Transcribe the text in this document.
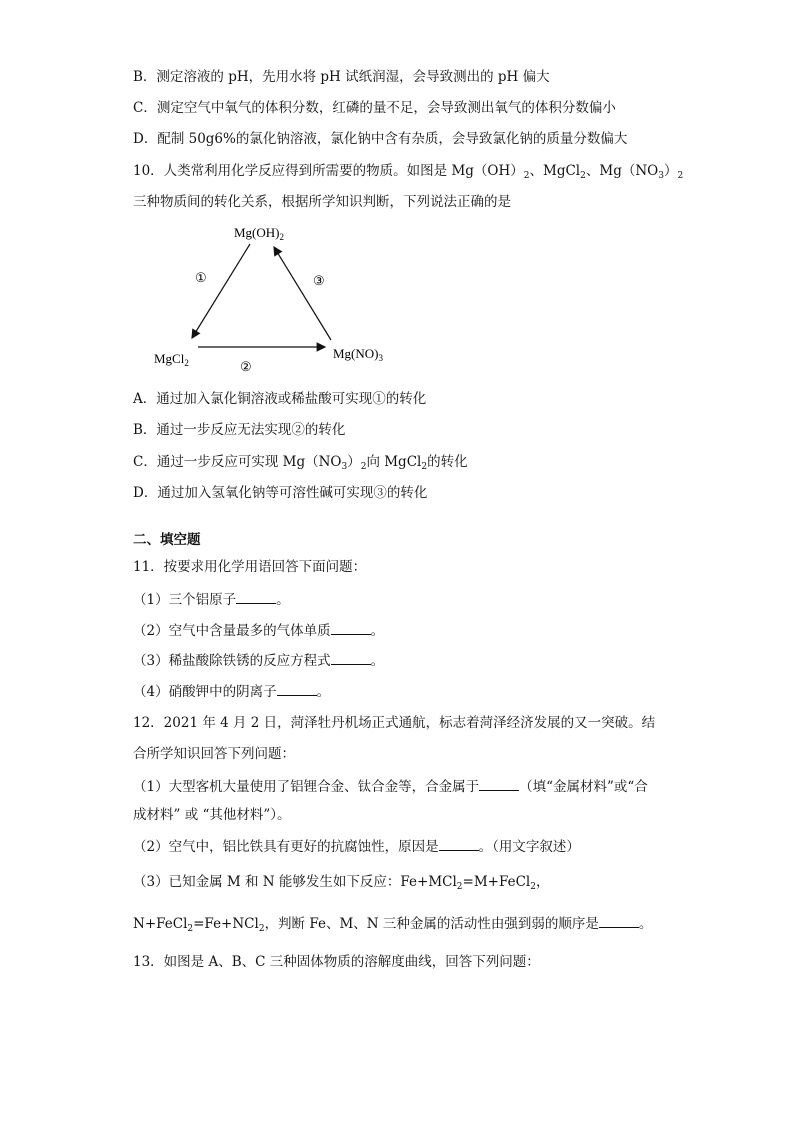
B．测定溶液的 pH，先用水将 pH 试纸润湿，会导致测出的 pH 偏大
C．测定空气中氧气的体积分数，红磷的量不足，会导致测出氧气的体积分数偏小
D．配制 50g6%的氯化钠溶液，氯化钠中含有杂质，会导致氯化钠的质量分数偏大
10．人类常利用化学反应得到所需要的物质。如图是 $Mg(OH)_2$、MgCl$_2$、$Mg(NO_3)_2$
三种物质间的转化关系，根据所学知识判断，下列说法正确的是
$Mg(OH)_2$
MgCl$_2$
$Mg(NO)_3$
①
②
③
A．通过加入氯化铜溶液或稀盐酸可实现①的转化
B．通过一步反应无法实现②的转化
C．通过一步反应可实现 $Mg(NO_3)_2$向 MgCl$_2$的转化
D．通过加入氢氧化钠等可溶性碱可实现③的转化
二、填空题
11．按要求用化学用语回答下面问题：
（1）三个铝原子	。
（2）空气中含量最多的气体单质	。
（3）稀盐酸除铁锈的反应方程式	。
（4）硝酸钾中的阴离子	。
12．2021 年 4 月 2 日，菏泽牡丹机场正式通航，标志着菏泽经济发展的又一突破。结
合所学知识回答下列问题：
（1）大型客机大量使用了铝锂合金、钛合金等，合金属于	（填“金属材料”或“合
成材料” 或 “其他材料”）。
（2）空气中，铝比铁具有更好的抗腐蚀性，原因是	。（用文字叙述）
（3）已知金属 M 和 N 能够发生如下反应：Fe+MCl$_2$=M+FeCl$_2$，
N+FeCl$_2$=Fe+NCl$_2$，判断 Fe、M、N 三种金属的活动性由强到弱的顺序是	。
13．如图是 A、B、C 三种固体物质的溶解度曲线，回答下列问题：
